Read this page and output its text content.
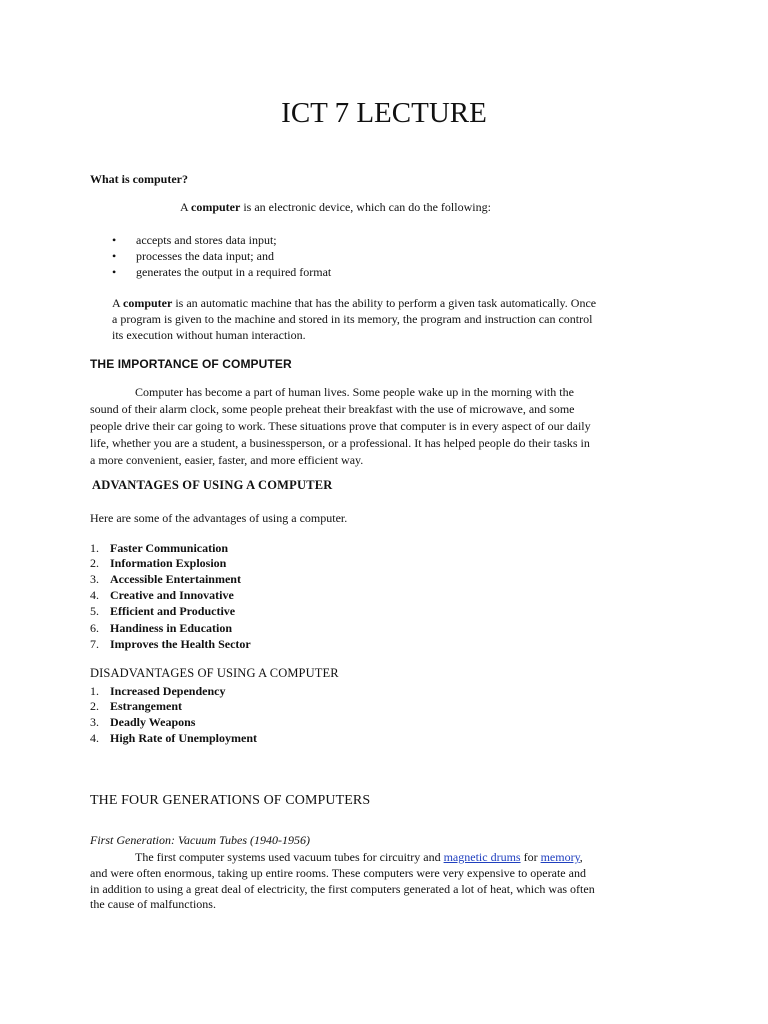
ICT 7 LECTURE
What is computer?
A computer is an electronic device, which can do the following:
• accepts and stores data input;
• processes the data input; and
• generates the output in a required format
A computer is an automatic machine that has the ability to perform a given task automatically. Once
a program is given to the machine and stored in its memory, the program and instruction can control
its execution without human interaction.
THE IMPORTANCE OF COMPUTER
Computer has become a part of human lives. Some people wake up in the morning with the
sound of their alarm clock, some people preheat their breakfast with the use of microwave, and some
people drive their car going to work. These situations prove that computer is in every aspect of our daily
life, whether you are a student, a businessperson, or a professional. It has helped people do their tasks in
a more convenient, easier, faster, and more efficient way.
ADVANTAGES OF USING A COMPUTER
Here are some of the advantages of using a computer.
1. Faster Communication
2. Information Explosion
3. Accessible Entertainment
4. Creative and Innovative
5. Efficient and Productive
6. Handiness in Education
7. Improves the Health Sector
DISADVANTAGES OF USING A COMPUTER
1. Increased Dependency
2. Estrangement
3. Deadly Weapons
4. High Rate of Unemployment
THE FOUR GENERATIONS OF COMPUTERS
First Generation: Vacuum Tubes (1940-1956)
The first computer systems used vacuum tubes for circuitry and magnetic drums for memory,
and were often enormous, taking up entire rooms. These computers were very expensive to operate and
in addition to using a great deal of electricity, the first computers generated a lot of heat, which was often
the cause of malfunctions.
